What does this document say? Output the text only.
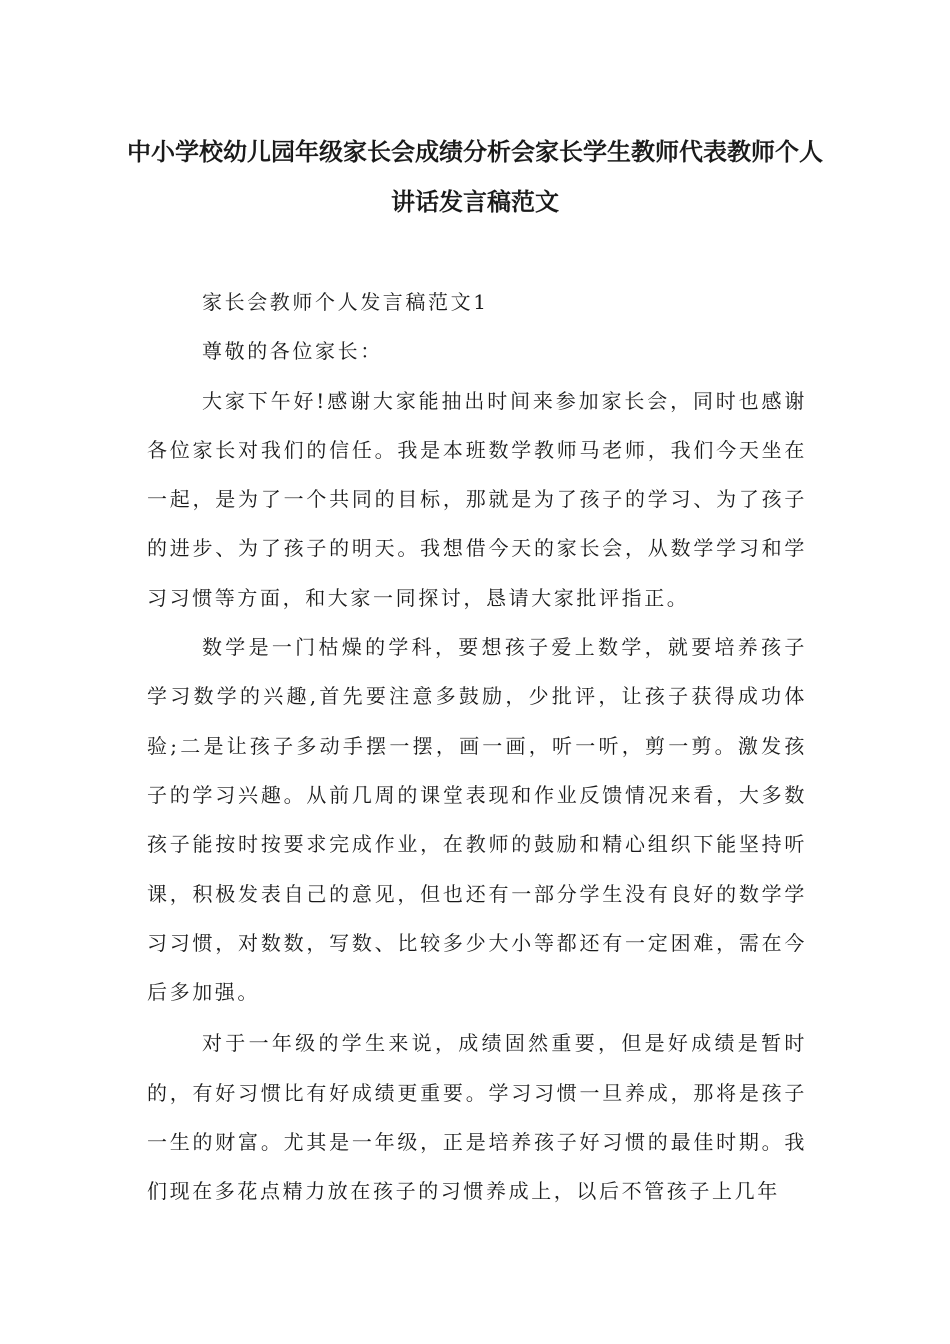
中小学校幼儿园年级家长会成绩分析会家长学生教师代表教师个人
讲话发言稿范文

家长会教师个人发言稿范文1

尊敬的各位家长：

大家下午好!感谢大家能抽出时间来参加家长会，同时也感谢各位家长对我们的信任。我是本班数学教师马老师，我们今天坐在一起，是为了一个共同的目标，那就是为了孩子的学习、为了孩子的进步、为了孩子的明天。我想借今天的家长会，从数学学习和学习习惯等方面，和大家一同探讨，恳请大家批评指正。

数学是一门枯燥的学科，要想孩子爱上数学，就要培养孩子学习数学的兴趣,首先要注意多鼓励，少批评，让孩子获得成功体验;二是让孩子多动手摆一摆，画一画，听一听，剪一剪。激发孩子的学习兴趣。从前几周的课堂表现和作业反馈情况来看，大多数孩子能按时按要求完成作业，在教师的鼓励和精心组织下能坚持听课，积极发表自己的意见，但也还有一部分学生没有良好的数学学习习惯，对数数，写数、比较多少大小等都还有一定困难，需在今后多加强。

对于一年级的学生来说，成绩固然重要，但是好成绩是暂时的，有好习惯比有好成绩更重要。学习习惯一旦养成，那将是孩子一生的财富。尤其是一年级，正是培养孩子好习惯的最佳时期。我们现在多花点精力放在孩子的习惯养成上，以后不管孩子上几年
